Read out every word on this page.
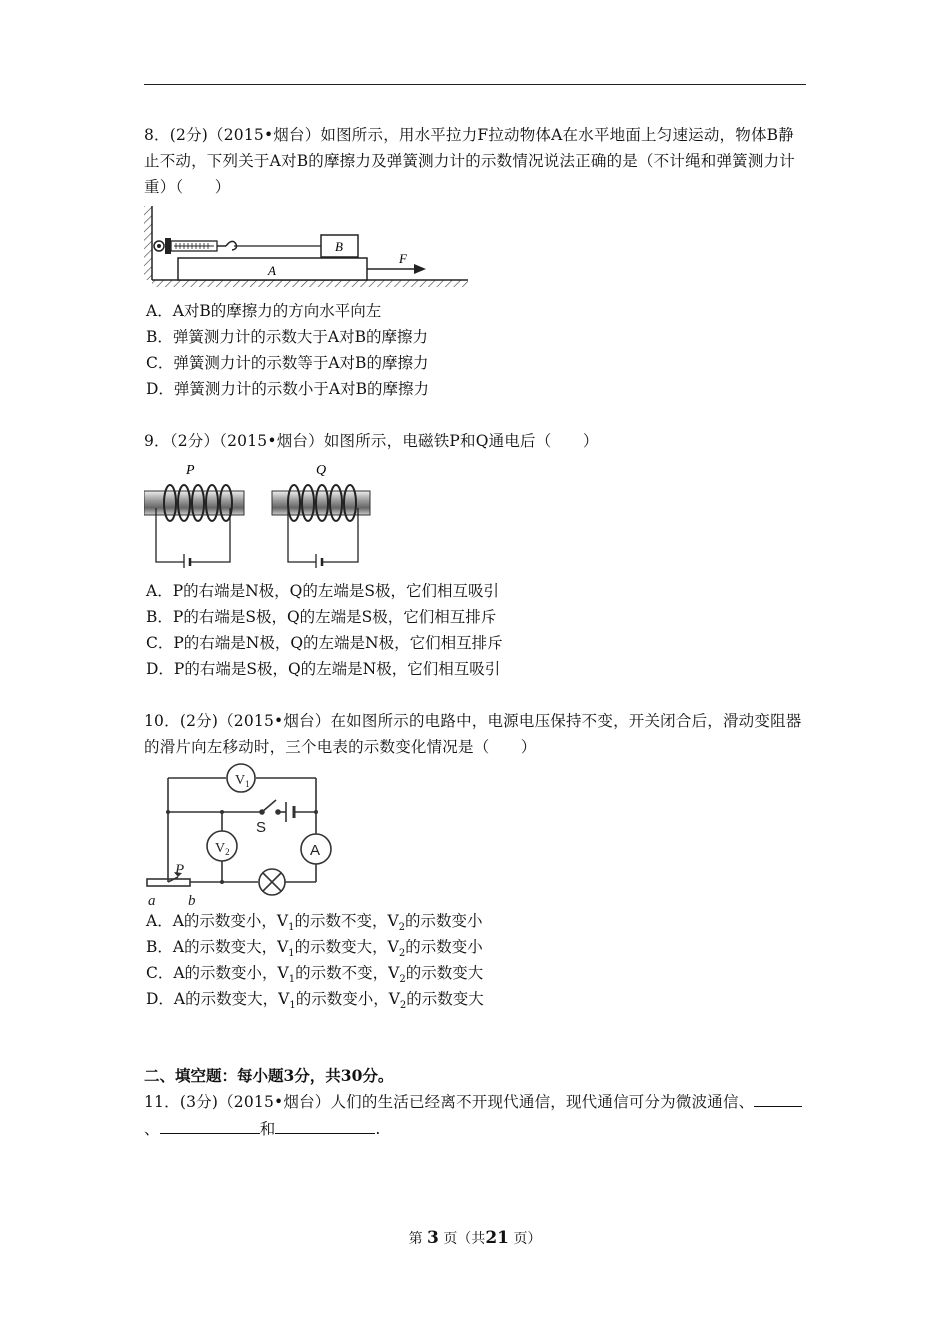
8．(2分)（2015•烟台）如图所示，用水平拉力F拉动物体A在水平地面上匀速运动，物体B静止不动，下列关于A对B的摩擦力及弹簧测力计的示数情况说法正确的是（不计绳和弹簧测力计重）（　　）
B
A
F
A．A对B的摩擦力的方向水平向左
B．弹簧测力计的示数大于A对B的摩擦力
C．弹簧测力计的示数等于A对B的摩擦力
D．弹簧测力计的示数小于A对B的摩擦力
9．（2分）（2015•烟台）如图所示，电磁铁P和Q通电后（　　）
P	Q
A．P的右端是N极，Q的左端是S极，它们相互吸引
B．P的右端是S极，Q的左端是S极，它们相互排斥
C．P的右端是N极，Q的左端是N极，它们相互排斥
D．P的右端是S极，Q的左端是N极，它们相互吸引
10．(2分)（2015•烟台）在如图所示的电路中，电源电压保持不变，开关闭合后，滑动变阻器的滑片向左移动时，三个电表的示数变化情况是（　　）
$V_1$
$V_2$	A
S
P
a b
A．A的示数变小，$V_1$的示数不变，$V_2$的示数变小
B．A的示数变大，$V_1$的示数变大，$V_2$的示数变小
C．A的示数变小，$V_1$的示数不变，$V_2$的示数变大
D．A的示数变大，$V_1$的示数变小，$V_2$的示数变大
二、填空题：每小题3分，共30分。
11．(3分)（2015•烟台）人们的生活已经离不开现代通信，现代通信可分为微波通信、
、	和	.
第 3 页（共21 页）
